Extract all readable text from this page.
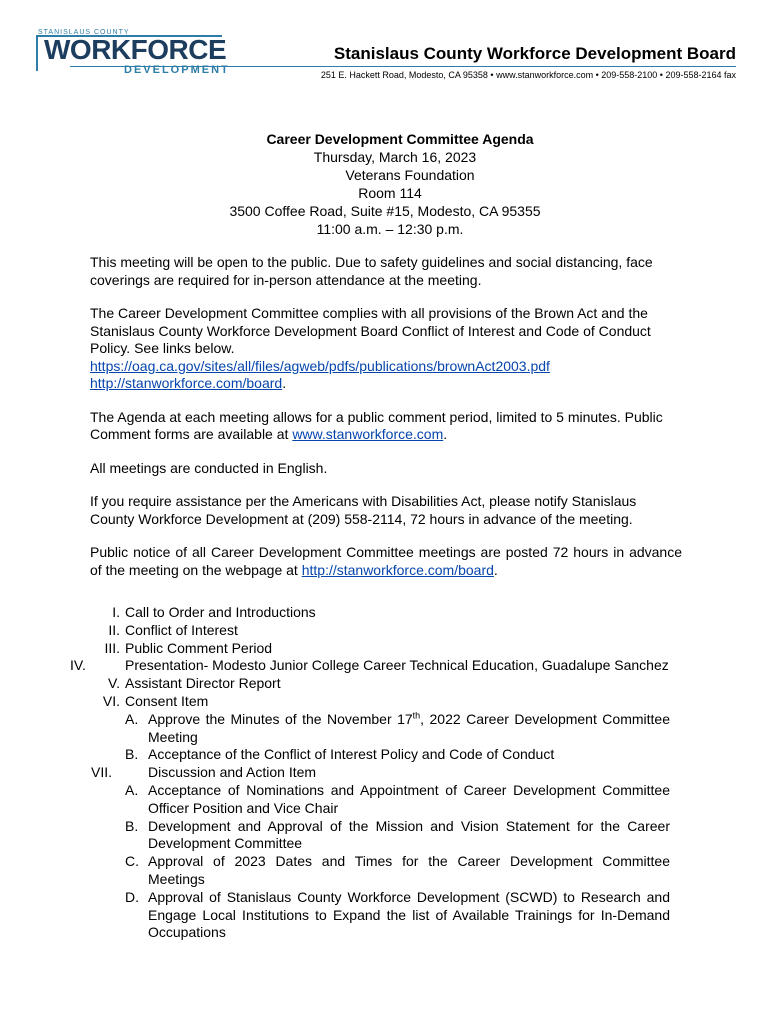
STANISLAUS COUNTY
WORKFORCE
DEVELOPMENT
Stanislaus County Workforce Development Board
251 E. Hackett Road, Modesto, CA 95358 • www.stanworkforce.com • 209-558-2100 • 209-558-2164 fax
Career Development Committee Agenda
Thursday, March 16, 2023
Veterans Foundation
Room 114
3500 Coffee Road, Suite #15, Modesto, CA 95355
11:00 a.m. – 12:30 p.m.

This meeting will be open to the public. Due to safety guidelines and social distancing, face coverings are required for in-person attendance at the meeting.

The Career Development Committee complies with all provisions of the Brown Act and the Stanislaus County Workforce Development Board Conflict of Interest and Code of Conduct Policy. See links below.
https://oag.ca.gov/sites/all/files/agweb/pdfs/publications/brownAct2003.pdf
http://stanworkforce.com/board.

The Agenda at each meeting allows for a public comment period, limited to 5 minutes. Public Comment forms are available at www.stanworkforce.com.

All meetings are conducted in English.

If you require assistance per the Americans with Disabilities Act, please notify Stanislaus County Workforce Development at (209) 558-2114, 72 hours in advance of the meeting.

Public notice of all Career Development Committee meetings are posted 72 hours in advance of the meeting on the webpage at http://stanworkforce.com/board.

I. Call to Order and Introductions
II. Conflict of Interest
III. Public Comment Period
IV.	Presentation- Modesto Junior College Career Technical Education, Guadalupe Sanchez
V. Assistant Director Report
VI. Consent Item
A. Approve the Minutes of the November 17th, 2022 Career Development Committee Meeting
B. Acceptance of the Conflict of Interest Policy and Code of Conduct
VII.	Discussion and Action Item
A. Acceptance of Nominations and Appointment of Career Development Committee Officer Position and Vice Chair
B. Development and Approval of the Mission and Vision Statement for the Career Development Committee
C. Approval of 2023 Dates and Times for the Career Development Committee Meetings
D. Approval of Stanislaus County Workforce Development (SCWD) to Research and Engage Local Institutions to Expand the list of Available Trainings for In-Demand Occupations
